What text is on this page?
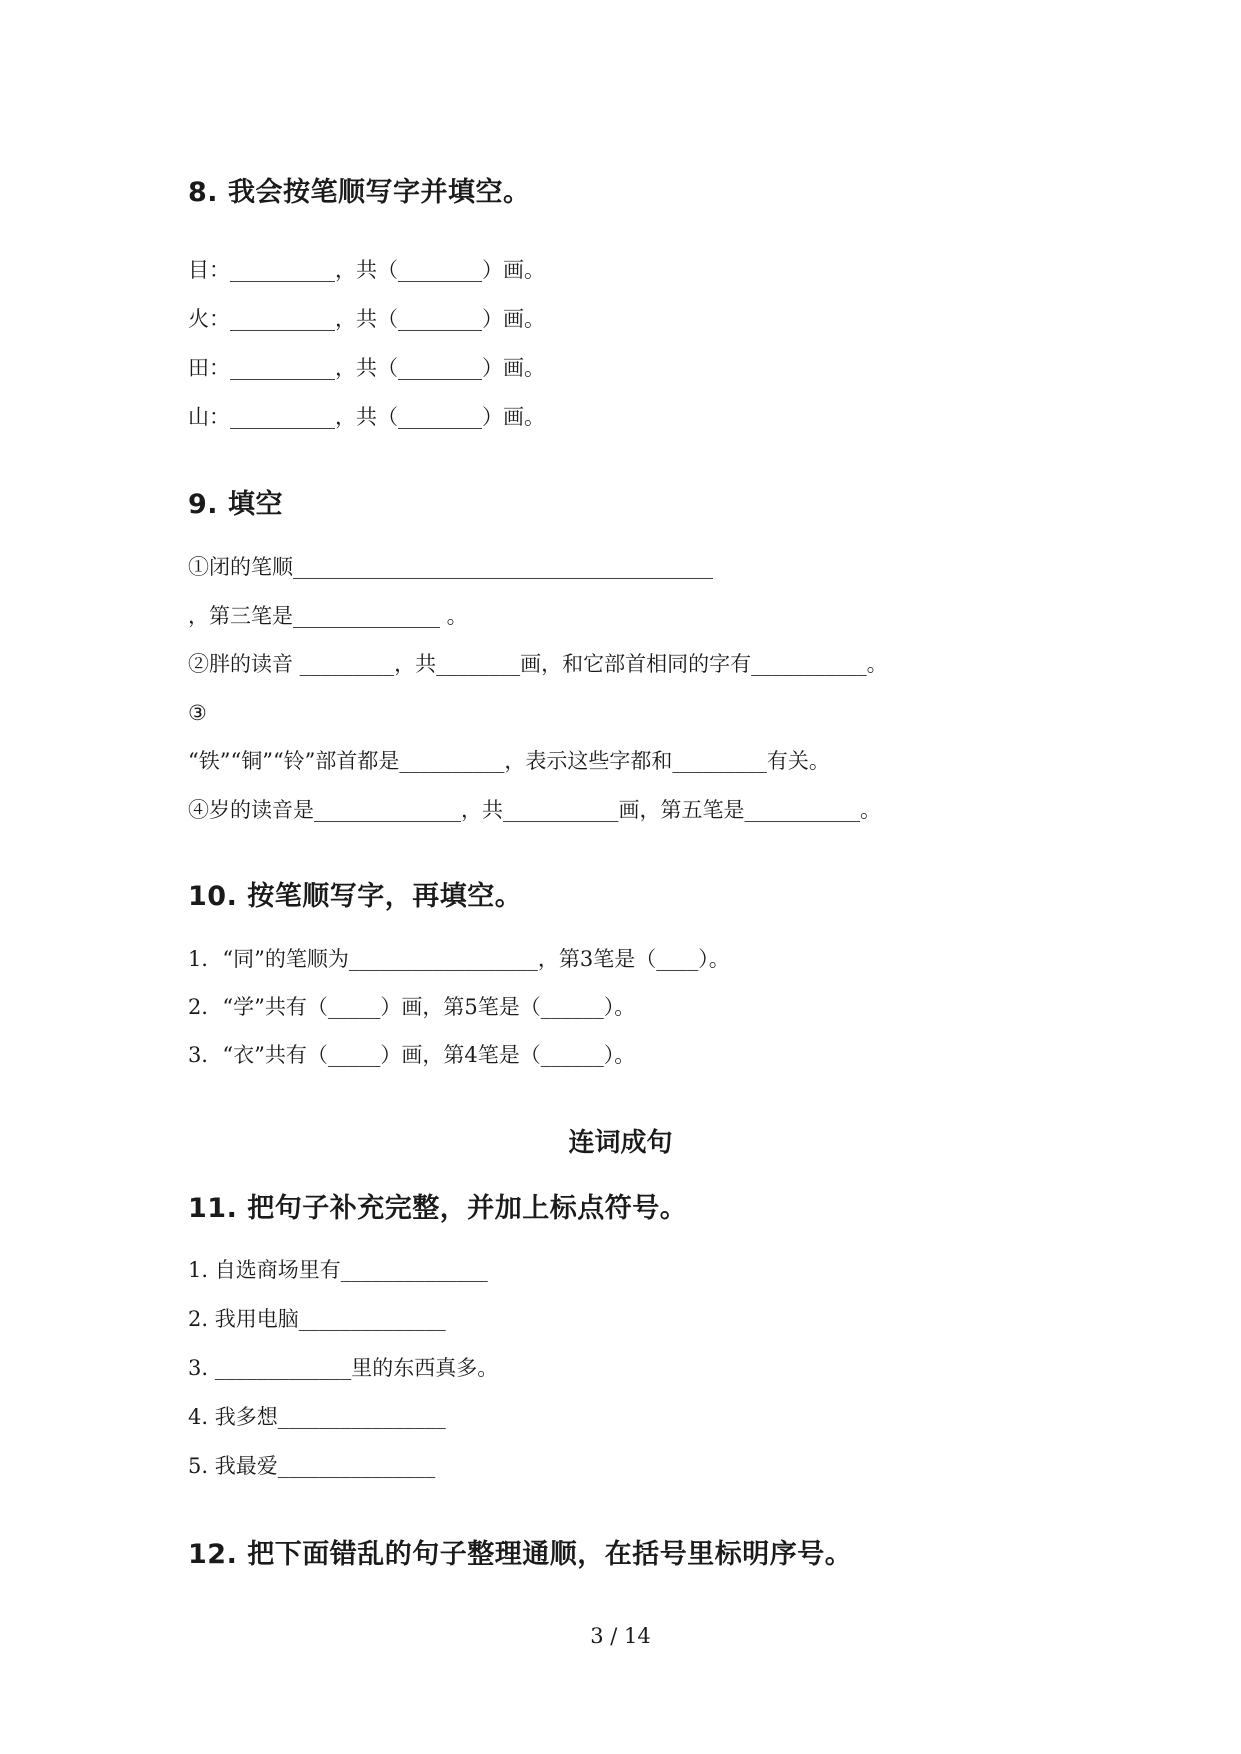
8. 我会按笔顺写字并填空。
目：__________，共（________）画。
火：__________，共（________）画。
田：__________，共（________）画。
山：__________，共（________）画。
9. 填空
①闭的笔顺________________________________________
，第三笔是______________ 。
②胖的读音 _________，共________画，和它部首相同的字有___________。
③
“铁”“铜”“铃”部首都是__________，表示这些字都和_________有关。
④岁的读音是______________，共___________画，第五笔是___________。
10. 按笔顺写字，再填空。
1．“同”的笔顺为__________________，第3笔是（____）。
2．“学”共有（_____）画，第5笔是（______）。
3．“衣”共有（_____）画，第4笔是（______）。
连词成句
11. 把句子补充完整，并加上标点符号。
1. 自选商场里有______________
2. 我用电脑______________
3. _____________里的东西真多。
4. 我多想________________
5. 我最爱_______________
12. 把下面错乱的句子整理通顺，在括号里标明序号。
3 / 14
